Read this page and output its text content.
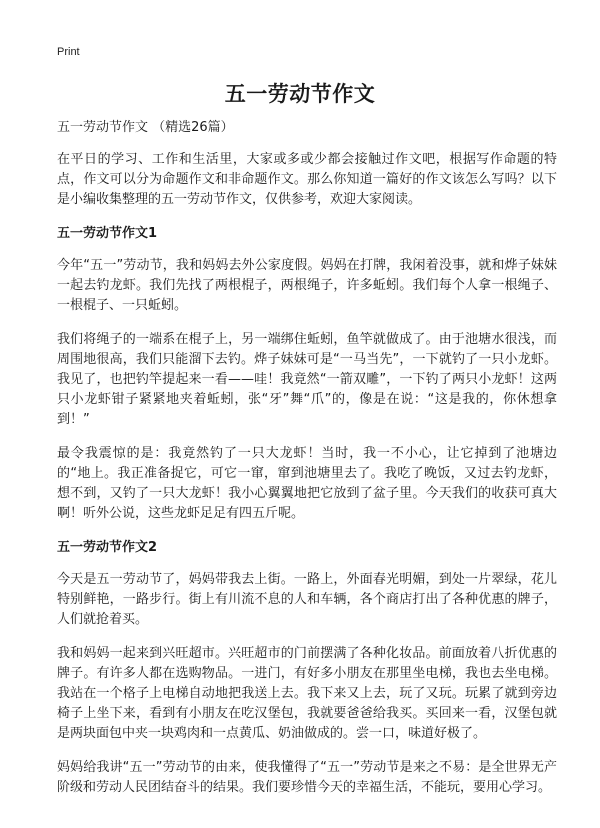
Print
五一劳动节作文

五一劳动节作文 （精选26篇）

在平日的学习、工作和生活里，大家或多或少都会接触过作文吧，根据写作命题的特点，作文可以分为命题作文和非命题作文。那么你知道一篇好的作文该怎么写吗？以下是小编收集整理的五一劳动节作文，仅供参考，欢迎大家阅读。

五一劳动节作文1

今年“五一”劳动节，我和妈妈去外公家度假。妈妈在打牌，我闲着没事，就和烨子妹妹一起去钓龙虾。我们先找了两根棍子，两根绳子，许多蚯蚓。我们每个人拿一根绳子、一根棍子、一只蚯蚓。

我们将绳子的一端系在棍子上，另一端绑住蚯蚓，鱼竿就做成了。由于池塘水很浅，而周围地很高，我们只能溜下去钓。烨子妹妹可是“一马当先”，一下就钓了一只小龙虾。我见了，也把钓竿提起来一看——哇！我竟然“一箭双雕”，一下钓了两只小龙虾！这两只小龙虾钳子紧紧地夹着蚯蚓，张“牙”舞“爪”的，像是在说：“这是我的，你休想拿到！”

最令我震惊的是：我竟然钓了一只大龙虾！当时，我一不小心，让它掉到了池塘边的“地上。我正准备捉它，可它一窜，窜到池塘里去了。我吃了晚饭，又过去钓龙虾，想不到，又钓了一只大龙虾！我小心翼翼地把它放到了盆子里。今天我们的收获可真大啊！听外公说，这些龙虾足足有四五斤呢。

五一劳动节作文2

今天是五一劳动节了，妈妈带我去上街。一路上，外面春光明媚，到处一片翠绿，花儿特别鲜艳，一路步行。街上有川流不息的人和车辆，各个商店打出了各种优惠的牌子，人们就抢着买。

我和妈妈一起来到兴旺超市。兴旺超市的门前摆满了各种化妆品。前面放着八折优惠的牌子。有许多人都在选购物品。一进门，有好多小朋友在那里坐电梯，我也去坐电梯。我站在一个格子上电梯自动地把我送上去。我下来又上去，玩了又玩。玩累了就到旁边椅子上坐下来，看到有小朋友在吃汉堡包，我就要爸爸给我买。买回来一看，汉堡包就是两块面包中夹一块鸡肉和一点黄瓜、奶油做成的。尝一口，味道好极了。

妈妈给我讲“五一”劳动节的由来，使我懂得了“五一”劳动节是来之不易：是全世界无产阶级和劳动人民团结奋斗的结果。我们要珍惜今天的幸福生活，不能玩，要用心学习。
